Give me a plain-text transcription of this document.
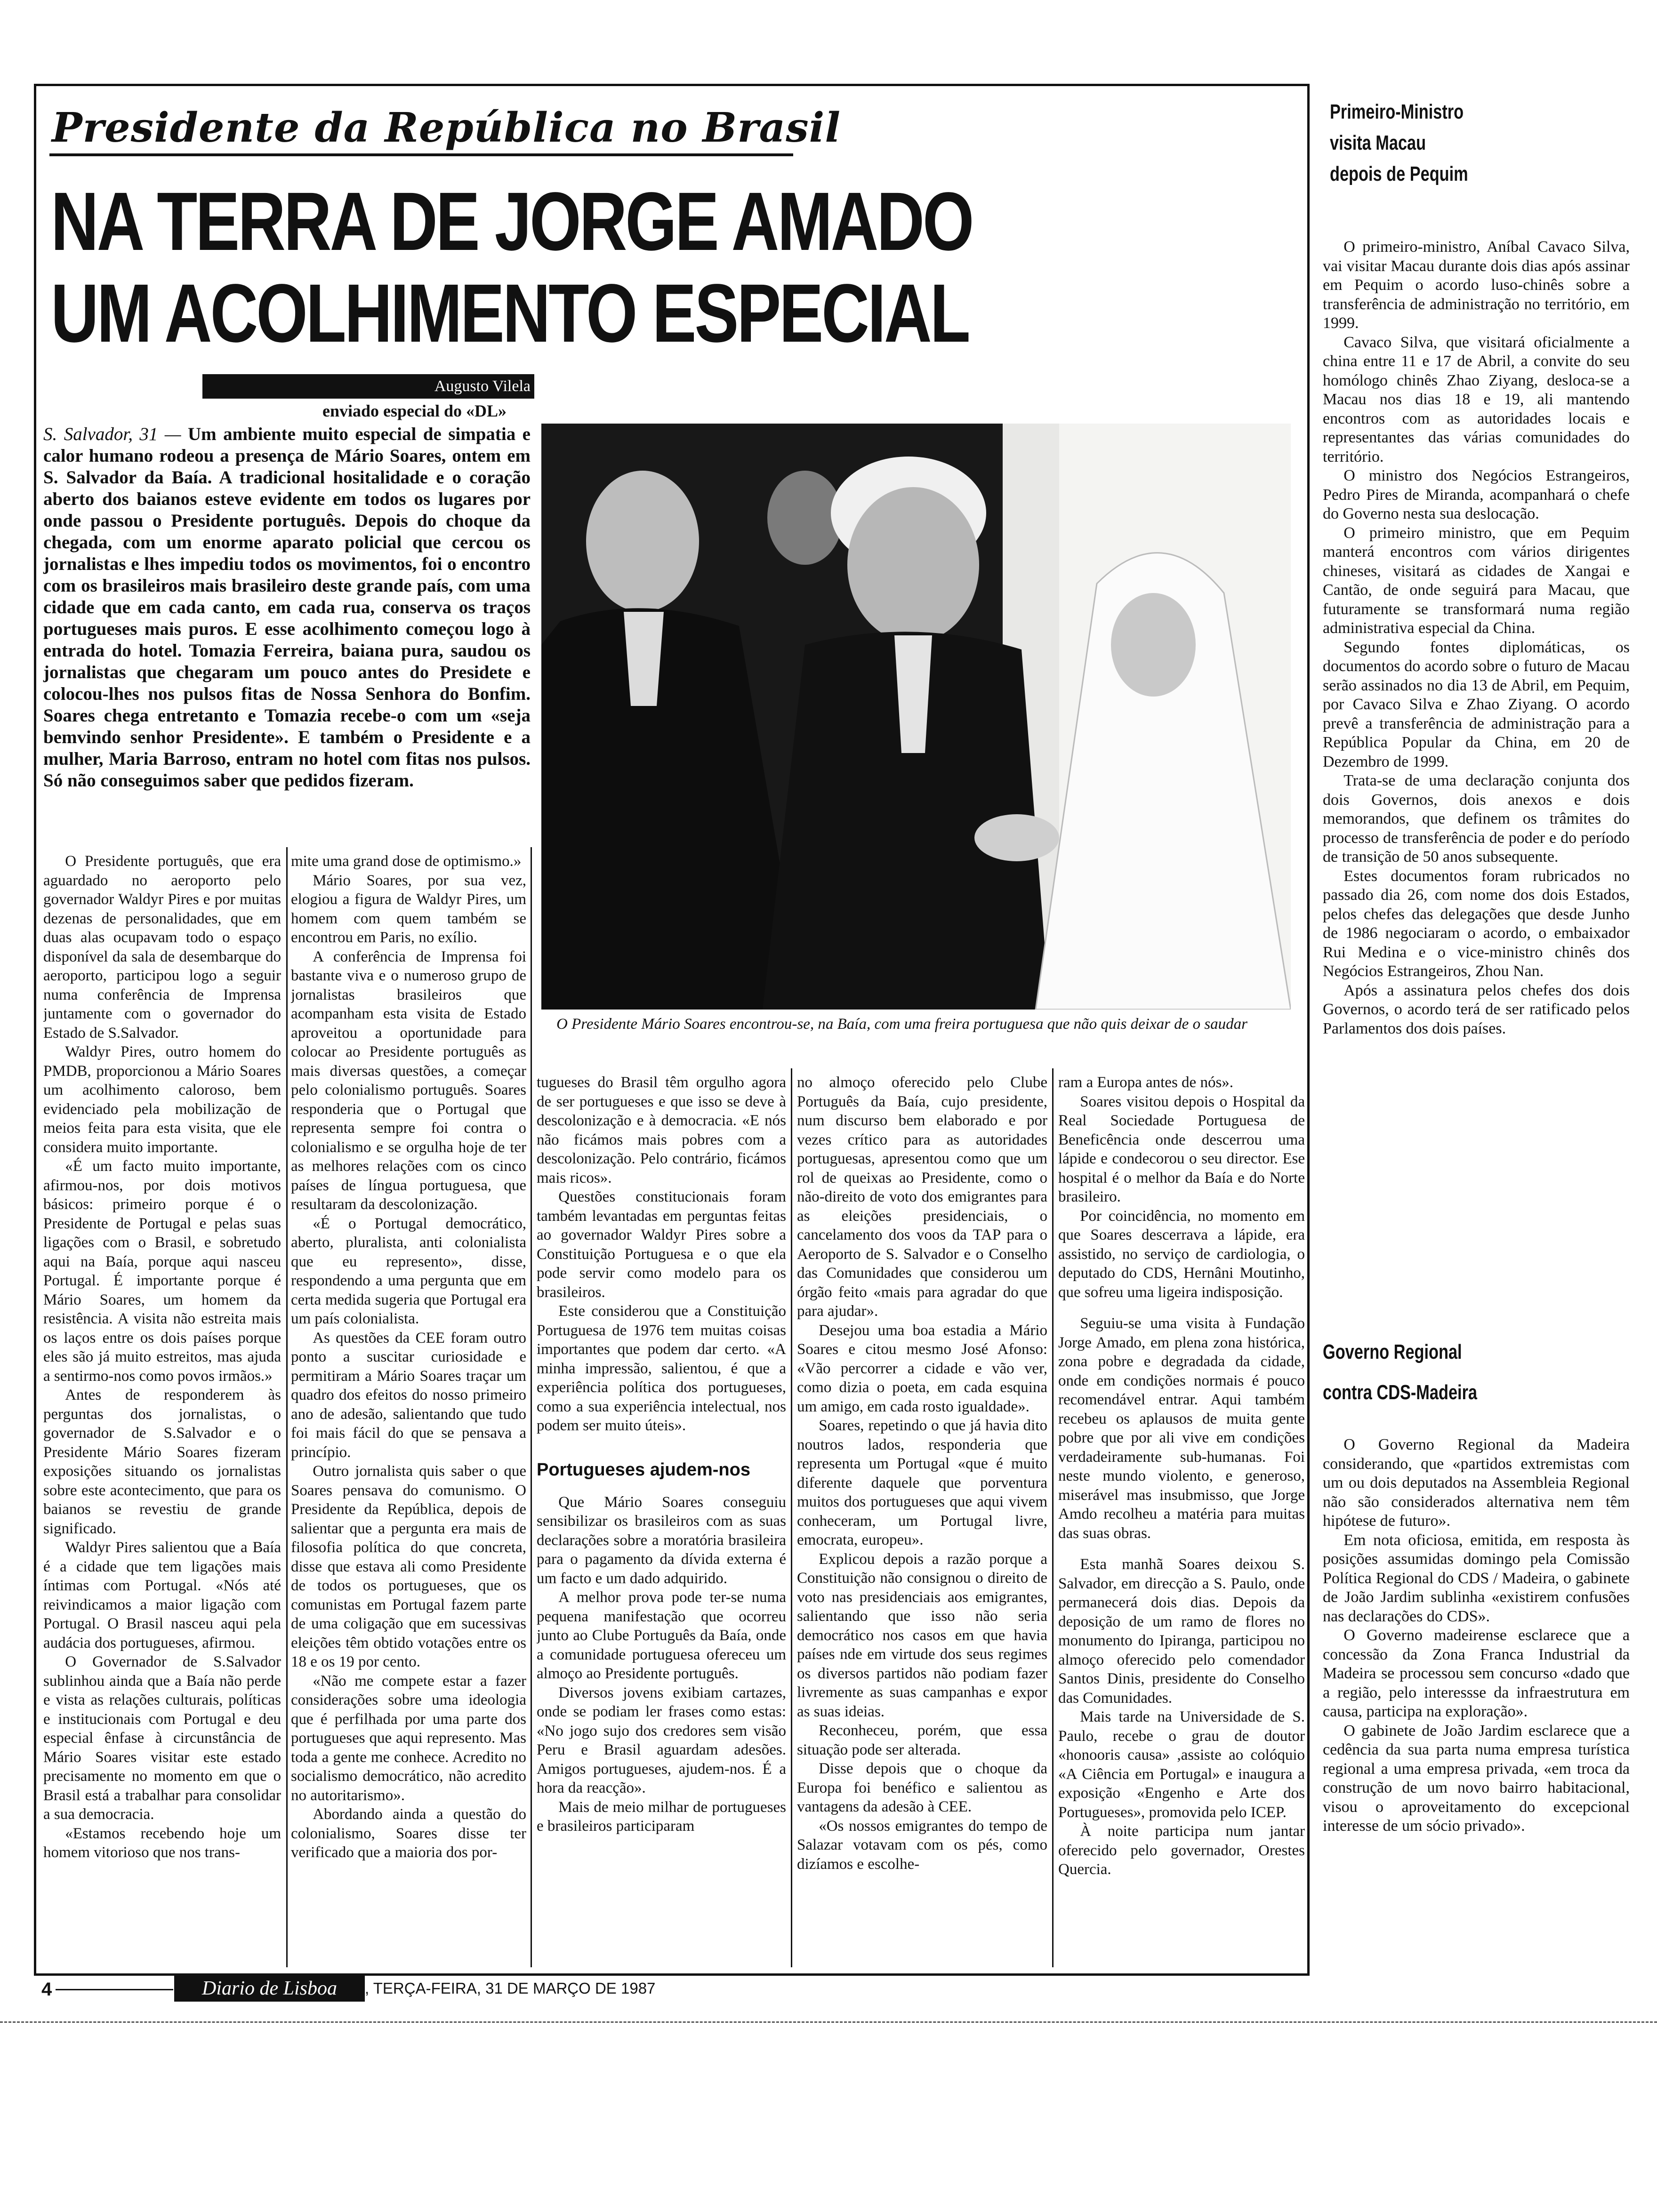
Presidente da República no Brasil
NA TERRA DE JORGE AMADO
UM ACOLHIMENTO ESPECIAL
Augusto Vilela
enviado especial do «DL»
S. Salvador, 31 — Um ambiente muito especial de simpatia e calor humano rodeou a presença de Mário Soares, ontem em S. Salvador da Baía. A tradicional hositalidade e o coração aberto dos baianos esteve evidente em todos os lugares por onde passou o Presidente português. Depois do choque da chegada, com um enorme aparato policial que cercou os jornalistas e lhes impediu todos os movimentos, foi o encontro com os brasileiros mais brasileiro deste grande país, com uma cidade que em cada canto, em cada rua, conserva os traços portugueses mais puros. E esse acolhimento começou logo à entrada do hotel. Tomazia Ferreira, baiana pura, saudou os jornalistas que chegaram um pouco antes do Presidete e colocou-lhes nos pulsos fitas de Nossa Senhora do Bonfim. Soares chega entretanto e Tomazia recebe-o com um «seja bemvindo senhor Presidente». E também o Presidente e a mulher, Maria Barroso, entram no hotel com fitas nos pulsos. Só não conseguimos saber que pedidos fizeram.
O Presidente Mário Soares encontrou-se, na Baía, com uma freira portuguesa que não quis deixar de o saudar

O Presidente português, que era aguardado no aeroporto pelo governador Waldyr Pires e por muitas dezenas de personalidades, que em duas alas ocupavam todo o espaço disponível da sala de desembarque do aeroporto, participou logo a seguir numa conferência de Imprensa juntamente com o governador do Estado de S.Salvador.

Waldyr Pires, outro homem do PMDB, proporcionou a Mário Soares um acolhimento caloroso, bem evidenciado pela mobilização de meios feita para esta visita, que ele considera muito importante.

«É um facto muito importante, afirmou-nos, por dois motivos básicos: primeiro porque é o Presidente de Portugal e pelas suas ligações com o Brasil, e sobretudo aqui na Baía, porque aqui nasceu Portugal. É importante porque é Mário Soares, um homem da resistência. A visita não estreita mais os laços entre os dois países porque eles são já muito estreitos, mas ajuda a sentirmo-nos como povos irmãos.»

Antes de responderem às perguntas dos jornalistas, o governador de S.Salvador e o Presidente Mário Soares fizeram exposições situando os jornalistas sobre este acontecimento, que para os baianos se revestiu de grande significado.

Waldyr Pires salientou que a Baía é a cidade que tem ligações mais íntimas com Portugal. «Nós até reivindicamos a maior ligação com Portugal. O Brasil nasceu aqui pela audácia dos portugueses, afirmou.

O Governador de S.Salvador sublinhou ainda que a Baía não perde e vista as relações culturais, políticas e institucionais com Portugal e deu especial ênfase à circunstância de Mário Soares visitar este estado precisamente no momento em que o Brasil está a trabalhar para consolidar a sua democracia.

«Estamos recebendo hoje um homem vitorioso que nos trans-

mite uma grand dose de optimismo.»

Mário Soares, por sua vez, elogiou a figura de Waldyr Pires, um homem com quem também se encontrou em Paris, no exílio.

A conferência de Imprensa foi bastante viva e o numeroso grupo de jornalistas brasileiros que acompanham esta visita de Estado aproveitou a oportunidade para colocar ao Presidente português as mais diversas questões, a começar pelo colonialismo português. Soares responderia que o Portugal que representa sempre foi contra o colonialismo e se orgulha hoje de ter as melhores relações com os cinco países de língua portuguesa, que resultaram da descolonização.

«É o Portugal democrático, aberto, pluralista, anti colonialista que eu represento», disse, respondendo a uma pergunta que em certa medida sugeria que Portugal era um país colonialista.

As questões da CEE foram outro ponto a suscitar curiosidade e permitiram a Mário Soares traçar um quadro dos efeitos do nosso primeiro ano de adesão, salientando que tudo foi mais fácil do que se pensava a princípio.

Outro jornalista quis saber o que Soares pensava do comunismo. O Presidente da República, depois de salientar que a pergunta era mais de filosofia política do que concreta, disse que estava ali como Presidente de todos os portugueses, que os comunistas em Portugal fazem parte de uma coligação que em sucessivas eleições têm obtido votações entre os 18 e os 19 por cento.

«Não me compete estar a fazer considerações sobre uma ideologia que é perfilhada por uma parte dos portugueses que aqui represento. Mas toda a gente me conhece. Acredito no socialismo democrático, não acredito no autoritarismo».

Abordando ainda a questão do colonialismo, Soares disse ter verificado que a maioria dos por-

tugueses do Brasil têm orgulho agora de ser portugueses e que isso se deve à descolonização e à democracia. «E nós não ficámos mais pobres com a descolonização. Pelo contrário, ficámos mais ricos».

Questões constitucionais foram também levantadas em perguntas feitas ao governador Waldyr Pires sobre a Constituição Portuguesa e o que ela pode servir como modelo para os brasileiros.

Este considerou que a Constituição Portuguesa de 1976 tem muitas coisas importantes que podem dar certo. «A minha impressão, salientou, é que a experiência política dos portugueses, como a sua experiência intelectual, nos podem ser muito úteis».

Portugueses ajudem-nos

Que Mário Soares conseguiu sensibilizar os brasileiros com as suas declarações sobre a moratória brasileira para o pagamento da dívida externa é um facto e um dado adquirido.

A melhor prova pode ter-se numa pequena manifestação que ocorreu junto ao Clube Português da Baía, onde a comunidade portuguesa ofereceu um almoço ao Presidente português.

Diversos jovens exibiam cartazes, onde se podiam ler frases como estas: «No jogo sujo dos credores sem visão Peru e Brasil aguardam adesões. Amigos portugueses, ajudem-nos. É a hora da reacção».

Mais de meio milhar de portugueses e brasileiros participaram

no almoço oferecido pelo Clube Português da Baía, cujo presidente, num discurso bem elaborado e por vezes crítico para as autoridades portuguesas, apresentou como que um rol de queixas ao Presidente, como o não-direito de voto dos emigrantes para as eleições presidenciais, o cancelamento dos voos da TAP para o Aeroporto de S. Salvador e o Conselho das Comunidades que considerou um órgão feito «mais para agradar do que para ajudar».

Desejou uma boa estadia a Mário Soares e citou mesmo José Afonso: «Vão percorrer a cidade e vão ver, como dizia o poeta, em cada esquina um amigo, em cada rosto igualdade».

Soares, repetindo o que já havia dito noutros lados, responderia que representa um Portugal «que é muito diferente daquele que porventura muitos dos portugueses que aqui vivem conheceram, um Portugal livre, emocrata, europeu».

Explicou depois a razão porque a Constituição não consignou o direito de voto nas presidenciais aos emigrantes, salientando que isso não seria democrático nos casos em que havia países nde em virtude dos seus regimes os diversos partidos não podiam fazer livremente as suas campanhas e expor as suas ideias.

Reconheceu, porém, que essa situação pode ser alterada.

Disse depois que o choque da Europa foi benéfico e salientou as vantagens da adesão à CEE.

«Os nossos emigrantes do tempo de Salazar votavam com os pés, como dizíamos e escolhe-

ram a Europa antes de nós».

Soares visitou depois o Hospital da Real Sociedade Portuguesa de Beneficência onde descerrou uma lápide e condecorou o seu director. Ese hospital é o melhor da Baía e do Norte brasileiro.

Por coincidência, no momento em que Soares descerrava a lápide, era assistido, no serviço de cardiologia, o deputado do CDS, Hernâni Moutinho, que sofreu uma ligeira indisposição.

Seguiu-se uma visita à Fundação Jorge Amado, em plena zona histórica, zona pobre e degradada da cidade, onde em condições normais é pouco recomendável entrar. Aqui também recebeu os aplausos de muita gente pobre que por ali vive em condições verdadeiramente sub-humanas. Foi neste mundo violento, e generoso, miserável mas insubmisso, que Jorge Amdo recolheu a matéria para muitas das suas obras.

Esta manhã Soares deixou S. Salvador, em direcção a S. Paulo, onde permanecerá dois dias. Depois da deposição de um ramo de flores no monumento do Ipiranga, participou no almoço oferecido pelo comendador Santos Dinis, presidente do Conselho das Comunidades.

Mais tarde na Universidade de S. Paulo, recebe o grau de doutor «honooris causa» ,assiste ao colóquio «A Ciência em Portugal» e inaugura a exposição «Engenho e Arte dos Portugueses», promovida pelo ICEP.

À noite participa num jantar oferecido pelo governador, Orestes Quercia.

Primeiro-Ministro
visita Macau
depois de Pequim

O primeiro-ministro, Aníbal Cavaco Silva, vai visitar Macau durante dois dias após assinar em Pequim o acordo luso-chinês sobre a transferência de administração no território, em 1999.

Cavaco Silva, que visitará oficialmente a china entre 11 e 17 de Abril, a convite do seu homólogo chinês Zhao Ziyang, desloca-se a Macau nos dias 18 e 19, ali mantendo encontros com as autoridades locais e representantes das várias comunidades do território.

O ministro dos Negócios Estrangeiros, Pedro Pires de Miranda, acompanhará o chefe do Governo nesta sua deslocação.

O primeiro ministro, que em Pequim manterá encontros com vários dirigentes chineses, visitará as cidades de Xangai e Cantão, de onde seguirá para Macau, que futuramente se transformará numa região administrativa especial da China.

Segundo fontes diplomáticas, os documentos do acordo sobre o futuro de Macau serão assinados no dia 13 de Abril, em Pequim, por Cavaco Silva e Zhao Ziyang. O acordo prevê a transferência de administração para a República Popular da China, em 20 de Dezembro de 1999.

Trata-se de uma declaração conjunta dos dois Governos, dois anexos e dois memorandos, que definem os trâmites do processo de transferência de poder e do período de transição de 50 anos subsequente.

Estes documentos foram rubricados no passado dia 26, com nome dos dois Estados, pelos chefes das delegações que desde Junho de 1986 negociaram o acordo, o embaixador Rui Medina e o vice-ministro chinês dos Negócios Estrangeiros, Zhou Nan.

Após a assinatura pelos chefes dos dois Governos, o acordo terá de ser ratificado pelos Parlamentos dos dois países.

Governo Regional
contra CDS-Madeira

O Governo Regional da Madeira considerando, que «partidos extremistas com um ou dois deputados na Assembleia Regional não são considerados alternativa nem têm hipótese de futuro».

Em nota oficiosa, emitida, em resposta às posições assumidas domingo pela Comissão Política Regional do CDS / Madeira, o gabinete de João Jardim sublinha «existirem confusões nas declarações do CDS».

O Governo madeirense esclarece que a concessão da Zona Franca Industrial da Madeira se processou sem concurso «dado que a região, pelo interessse da infraestrutura em causa, participa na exploração».

O gabinete de João Jardim esclarece que a cedência da sua parta numa empresa turística regional a uma empresa privada, «em troca da construção de um novo bairro habitacional, visou o aproveitamento do excepcional interesse de um sócio privado».

4	Diario de Lisboa	, TERÇA-FEIRA, 31 DE MARÇO DE 1987
